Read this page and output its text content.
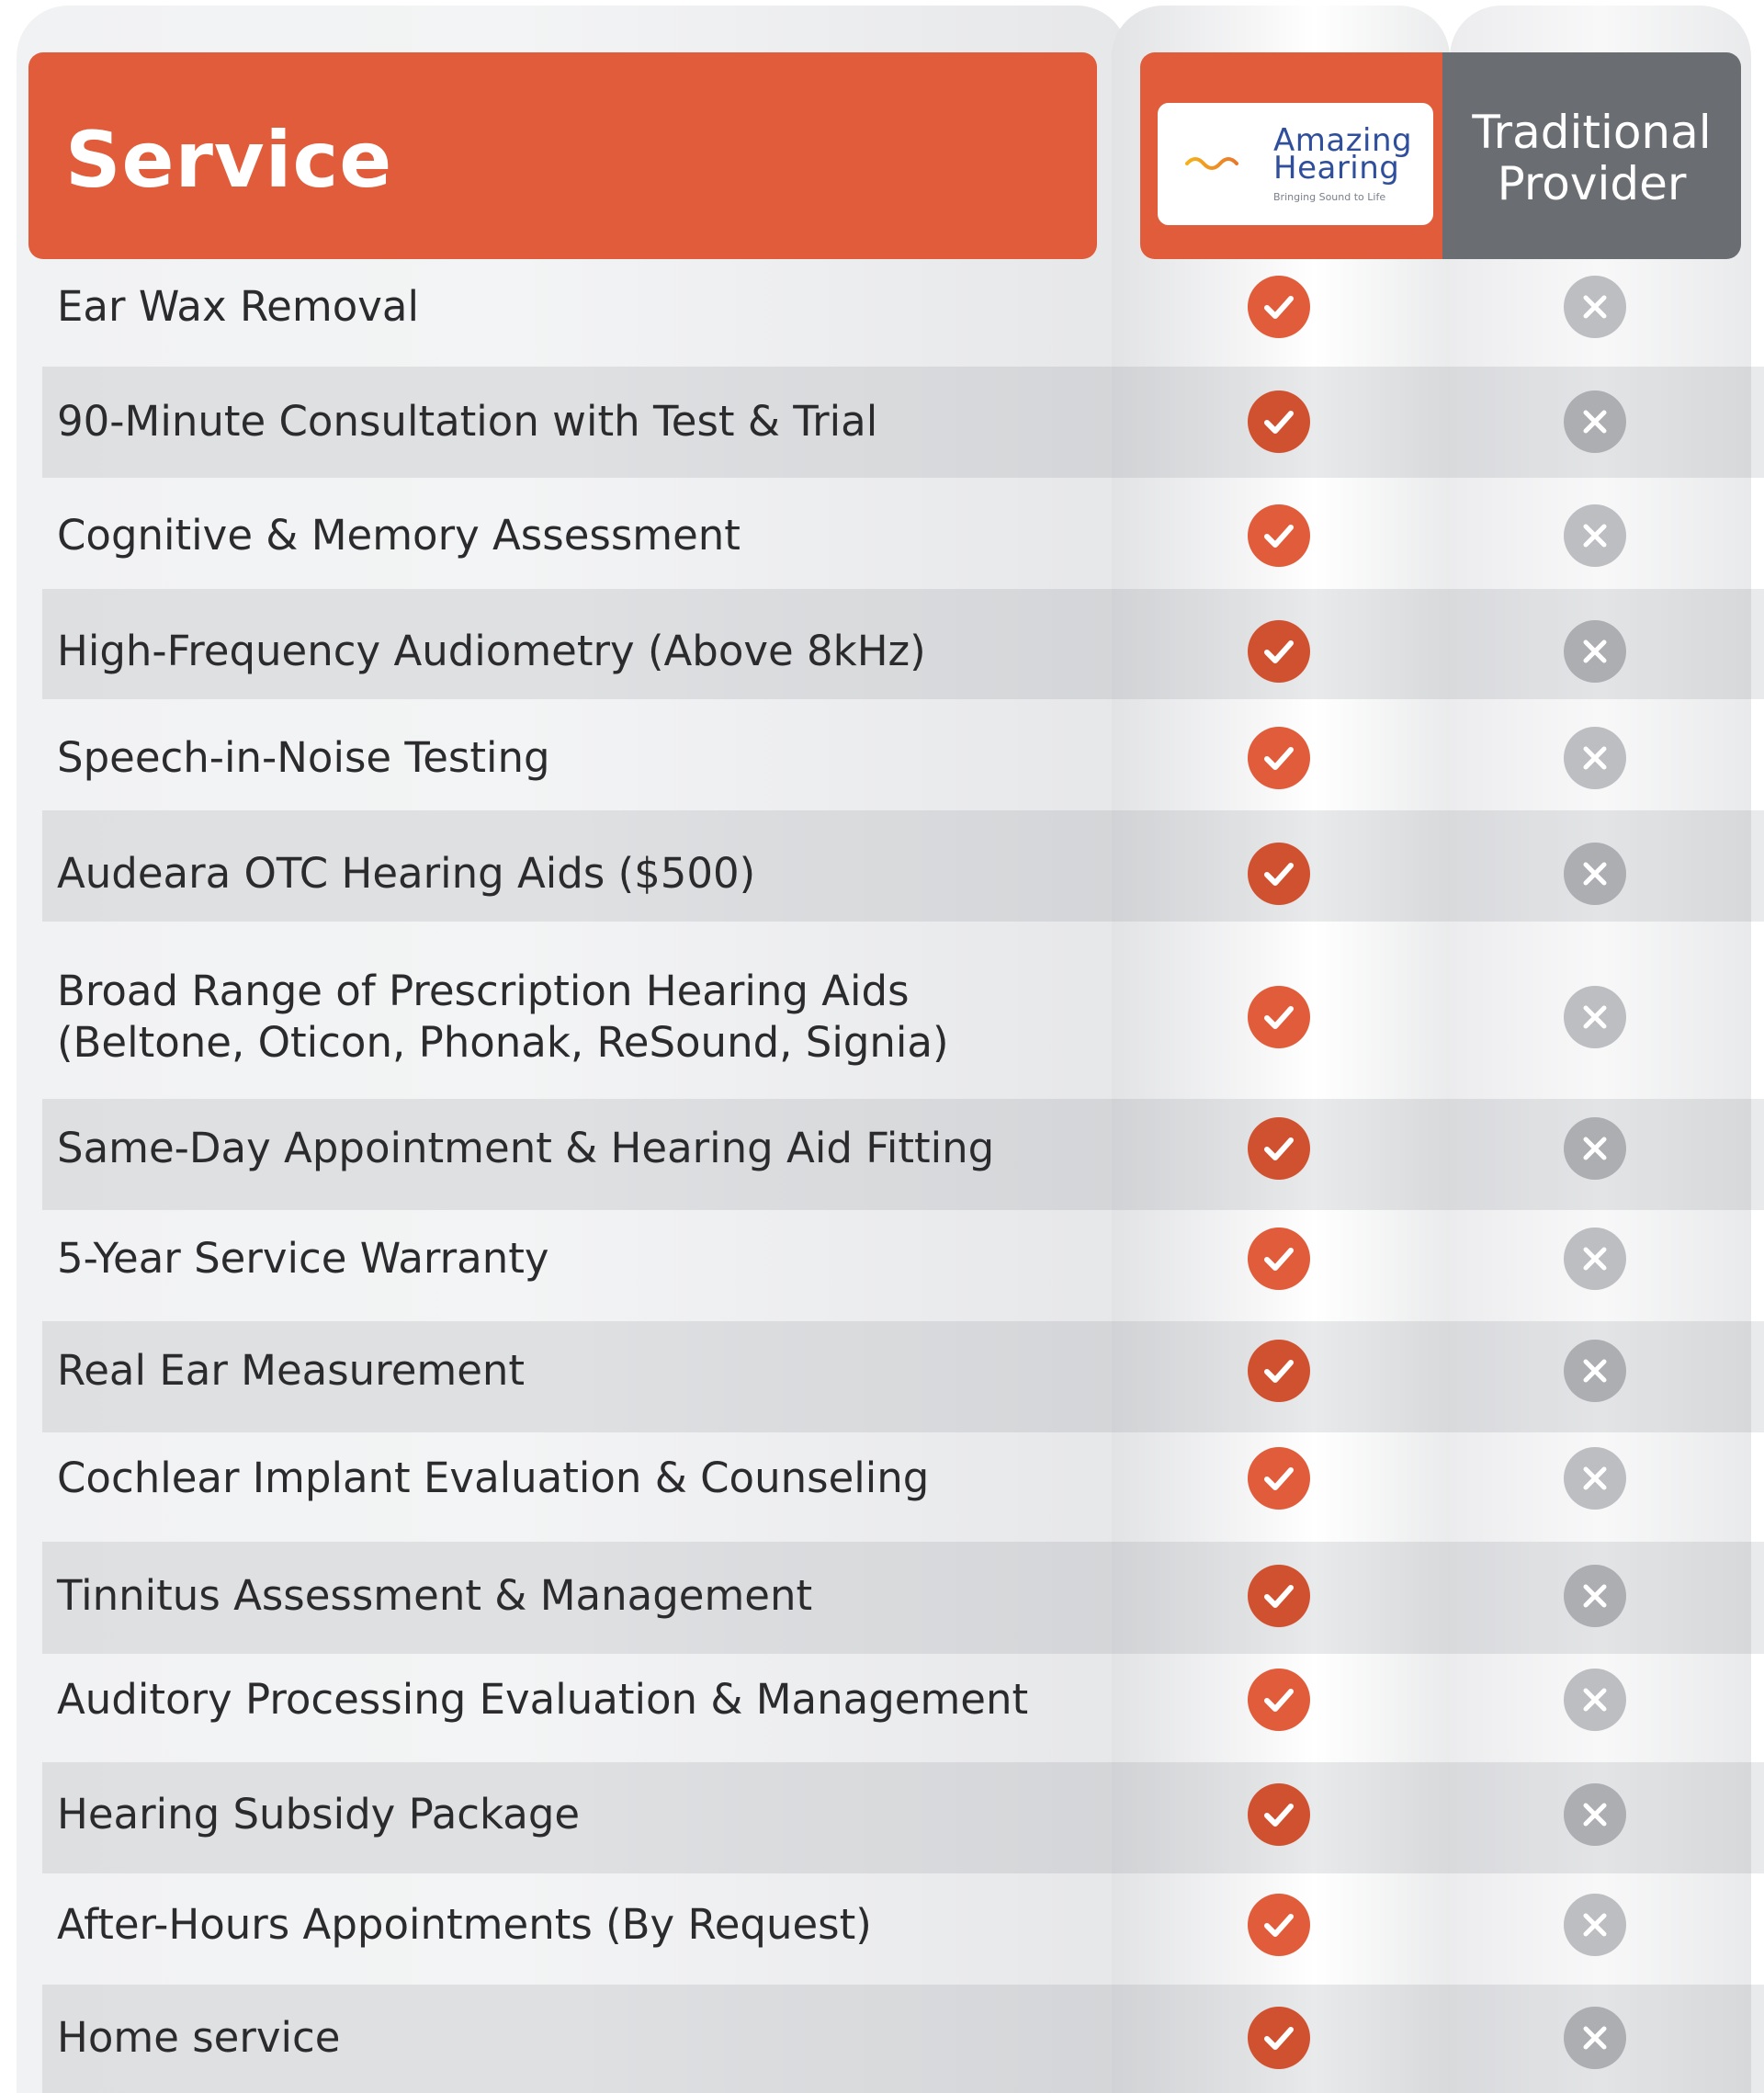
Service	Amazing
Hearing
Bringing Sound to Life
Traditional
Provider
Ear Wax Removal
90-Minute Consultation with Test & Trial
Cognitive & Memory Assessment
High-Frequency Audiometry (Above 8kHz)
Speech-in-Noise Testing
Audeara OTC Hearing Aids ($500)
Broad Range of Prescription Hearing Aids
(Beltone, Oticon, Phonak, ReSound, Signia)
Same-Day Appointment & Hearing Aid Fitting
5-Year Service Warranty
Real Ear Measurement
Cochlear Implant Evaluation & Counseling
Tinnitus Assessment & Management
Auditory Processing Evaluation & Management
Hearing Subsidy Package
After-Hours Appointments (By Request)
Home service
